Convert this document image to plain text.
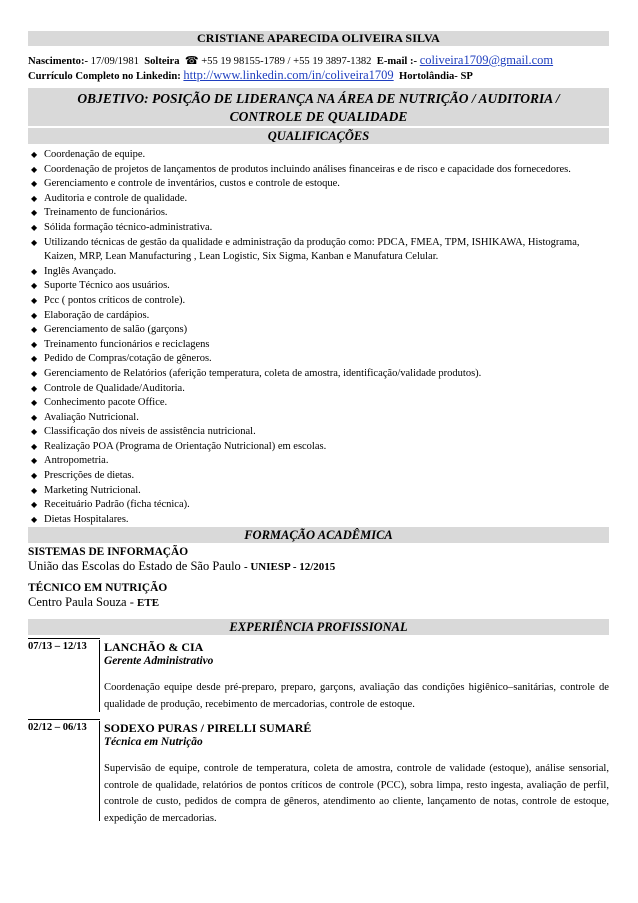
CRISTIANE APARECIDA OLIVEIRA SILVA
Nascimento:- 17/09/1981 Solteira ☎ +55 19 98155-1789 / +55 19 3897-1382 E-mail :- coliveira1709@gmail.com
Currículo Completo no Linkedin: http://www.linkedin.com/in/coliveira1709 Hortolândia- SP
OBJETIVO: POSIÇÃO DE LIDERANÇA NA ÁREA DE NUTRIÇÃO / AUDITORIA /
CONTROLE DE QUALIDADE
QUALIFICAÇÕES
◆ Coordenação de equipe.
◆ Coordenação de projetos de lançamentos de produtos incluindo análises financeiras e de risco e capacidade dos fornecedores.
◆ Gerenciamento e controle de inventários, custos e controle de estoque.
◆ Auditoria e controle de qualidade.
◆ Treinamento de funcionários.
◆ Sólida formação técnico-administrativa.
◆ Utilizando técnicas de gestão da qualidade e administração da produção como: PDCA, FMEA, TPM, ISHIKAWA, Histograma, Kaizen, MRP, Lean Manufacturing , Lean Logistic, Six Sigma, Kanban e Manufatura Celular.
◆ Inglês Avançado.
◆ Suporte Técnico aos usuários.
◆ Pcc ( pontos críticos de controle).
◆ Elaboração de cardápios.
◆ Gerenciamento de salão (garçons)
◆ Treinamento funcionários e reciclagens
◆ Pedido de Compras/cotação de gêneros.
◆ Gerenciamento de Relatórios (aferição temperatura, coleta de amostra, identificação/validade produtos).
◆ Controle de Qualidade/Auditoria.
◆ Conhecimento pacote Office.
◆ Avaliação Nutricional.
◆ Classificação dos níveis de assistência nutricional.
◆ Realização POA (Programa de Orientação Nutricional) em escolas.
◆ Antropometria.
◆ Prescrições de dietas.
◆ Marketing Nutricional.
◆ Receituário Padrão (ficha técnica).
◆ Dietas Hospitalares.
FORMAÇÃO ACADÊMICA
SISTEMAS DE INFORMAÇÃO
União das Escolas do Estado de São Paulo - UNIESP - 12/2015
TÉCNICO EM NUTRIÇÃO
Centro Paula Souza - ETE
EXPERIÊNCIA PROFISSIONAL
07/13 – 12/13	LANCHÃO & CIA
Gerente Administrativo
Coordenação equipe desde pré-preparo, preparo, garçons, avaliação das condições higiênico–sanitárias, controle de qualidade de produção, recebimento de mercadorias, controle de estoque.
02/12 – 06/13	SODEXO PURAS / PIRELLI SUMARÉ
Técnica em Nutrição
Supervisão de equipe, controle de temperatura, coleta de amostra, controle de validade (estoque), análise sensorial, controle de qualidade, relatórios de pontos críticos de controle (PCC), sobra limpa, resto ingesta, avaliação de perfil, controle de custo, pedidos de compra de gêneros, atendimento ao cliente, lançamento de notas, controle de estoque, expedição de mercadorias.
